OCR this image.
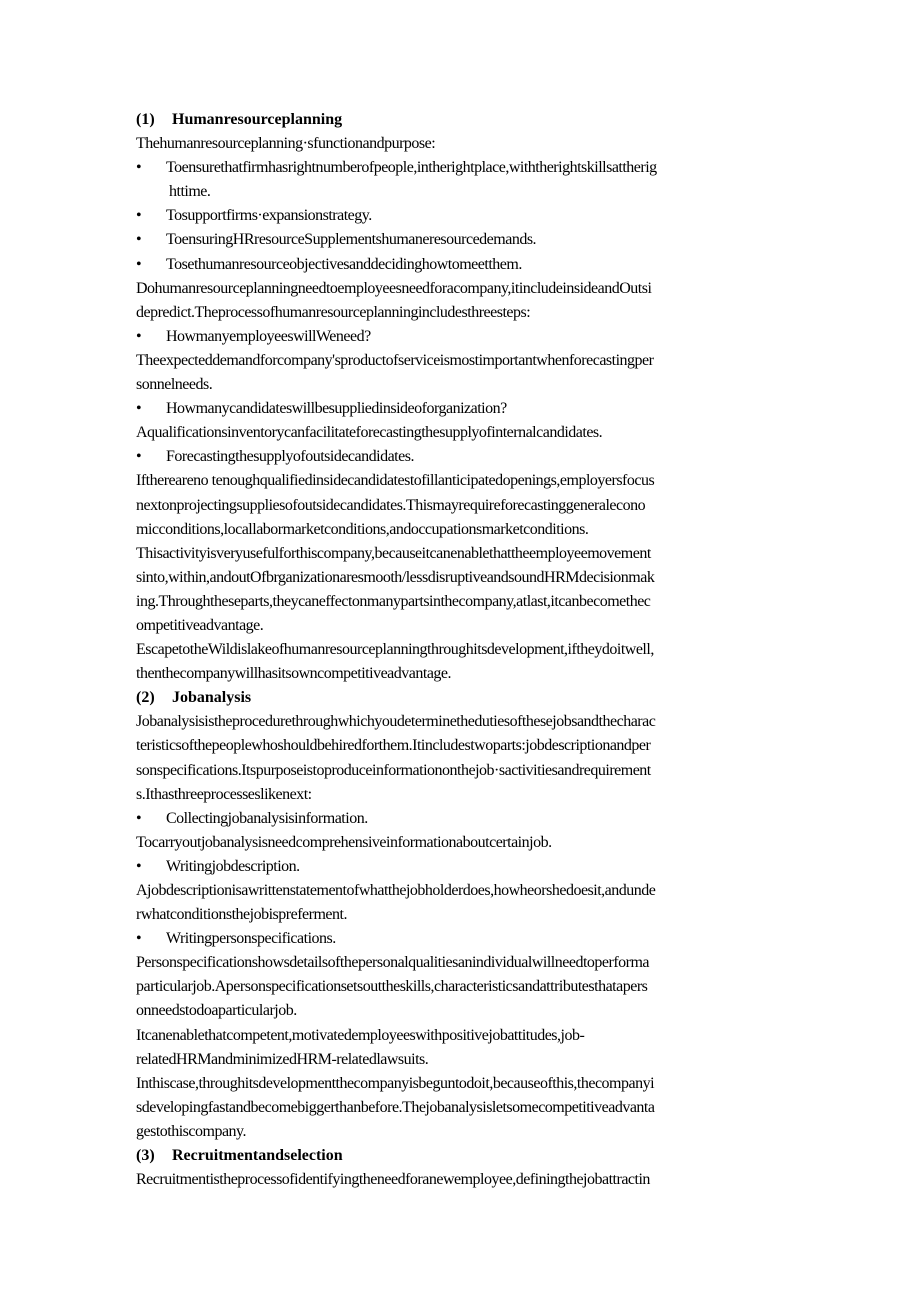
(1) Humanresourceplanning
Thehumanresourceplanning·sfunctionandpurpose:
• Toensurethatfirmhasrightnumberofpeople,intherightplace,withtherightskillsattherig
httime.
• Tosupportfirms·expansionstrategy.
• ToensuringHRresourceSupplementshumaneresourcedemands.
• Tosethumanresourceobjectivesanddecidinghowtomeetthem.
Dohumanresourceplanningneedtoemployeesneedforacompany,itincludeinsideandOutsi
depredict.Theprocessofhumanresourceplanningincludesthreesteps:
• HowmanyemployeeswillWeneed?
Theexpecteddemandforcompany'sproductofserviceismostimportantwhenforecastingper
sonnelneeds.
• Howmanycandidateswillbesuppliedinsideoforganization?
Aqualificationsinventorycanfacilitateforecastingthesupplyofinternalcandidates.
• Forecastingthesupplyofoutsidecandidates.
Ifthereareno tenoughqualifiedinsidecandidatestofillanticipatedopenings,employersfocus
nextonprojectingsuppliesofoutsidecandidates.Thismayrequireforecastinggeneralecono
micconditions,locallabormarketconditions,andoccupationsmarketconditions.
Thisactivityisveryusefulforthiscompany,becauseitcanenablethattheemployeemovement
sinto,within,andoutOfbrganizationaresmooth/lessdisruptiveandsoundHRMdecisionmak
ing.Throughtheseparts,theycaneffectonmanypartsinthecompany,atlast,itcanbecomethec
ompetitiveadvantage.
EscapetotheWildislakeofhumanresourceplanningthroughitsdevelopment,iftheydoitwell,
thenthecompanywillhasitsowncompetitiveadvantage.
(2) Jobanalysis
Jobanalysisistheprocedurethroughwhichyoudeterminethedutiesofthesejobsandthecharac
teristicsofthepeoplewhoshouldbehiredforthem.Itincludestwoparts:jobdescriptionandper
sonspecifications.Itspurposeistoproduceinformationonthejob·sactivitiesandrequirement
s.Ithasthreeprocesseslikenext:
• Collectingjobanalysisinformation.
Tocarryoutjobanalysisneedcomprehensiveinformationaboutcertainjob.
• Writingjobdescription.
Ajobdescriptionisawrittenstatementofwhatthejobholderdoes,howheorshedoesit,andunde
rwhatconditionsthejobispreferment.
• Writingpersonspecifications.
Personspecificationshowsdetailsofthepersonalqualitiesanindividualwillneedtoperforma
particularjob.Apersonspecificationsetsouttheskills,characteristicsandattributesthatapers
onneedstodoaparticularjob.
Itcanenablethatcompetent,motivatedemployeeswithpositivejobattitudes,job-
relatedHRMandminimizedHRM-relatedlawsuits.
Inthiscase,throughitsdevelopmentthecompanyisbeguntodoit,becauseofthis,thecompanyi
sdevelopingfastandbecomebiggerthanbefore.Thejobanalysisletsomecompetitiveadvanta
gestothiscompany.
(3) Recruitmentandselection
Recruitmentistheprocessofidentifyingtheneedforanewemployee,definingthejobattractin
